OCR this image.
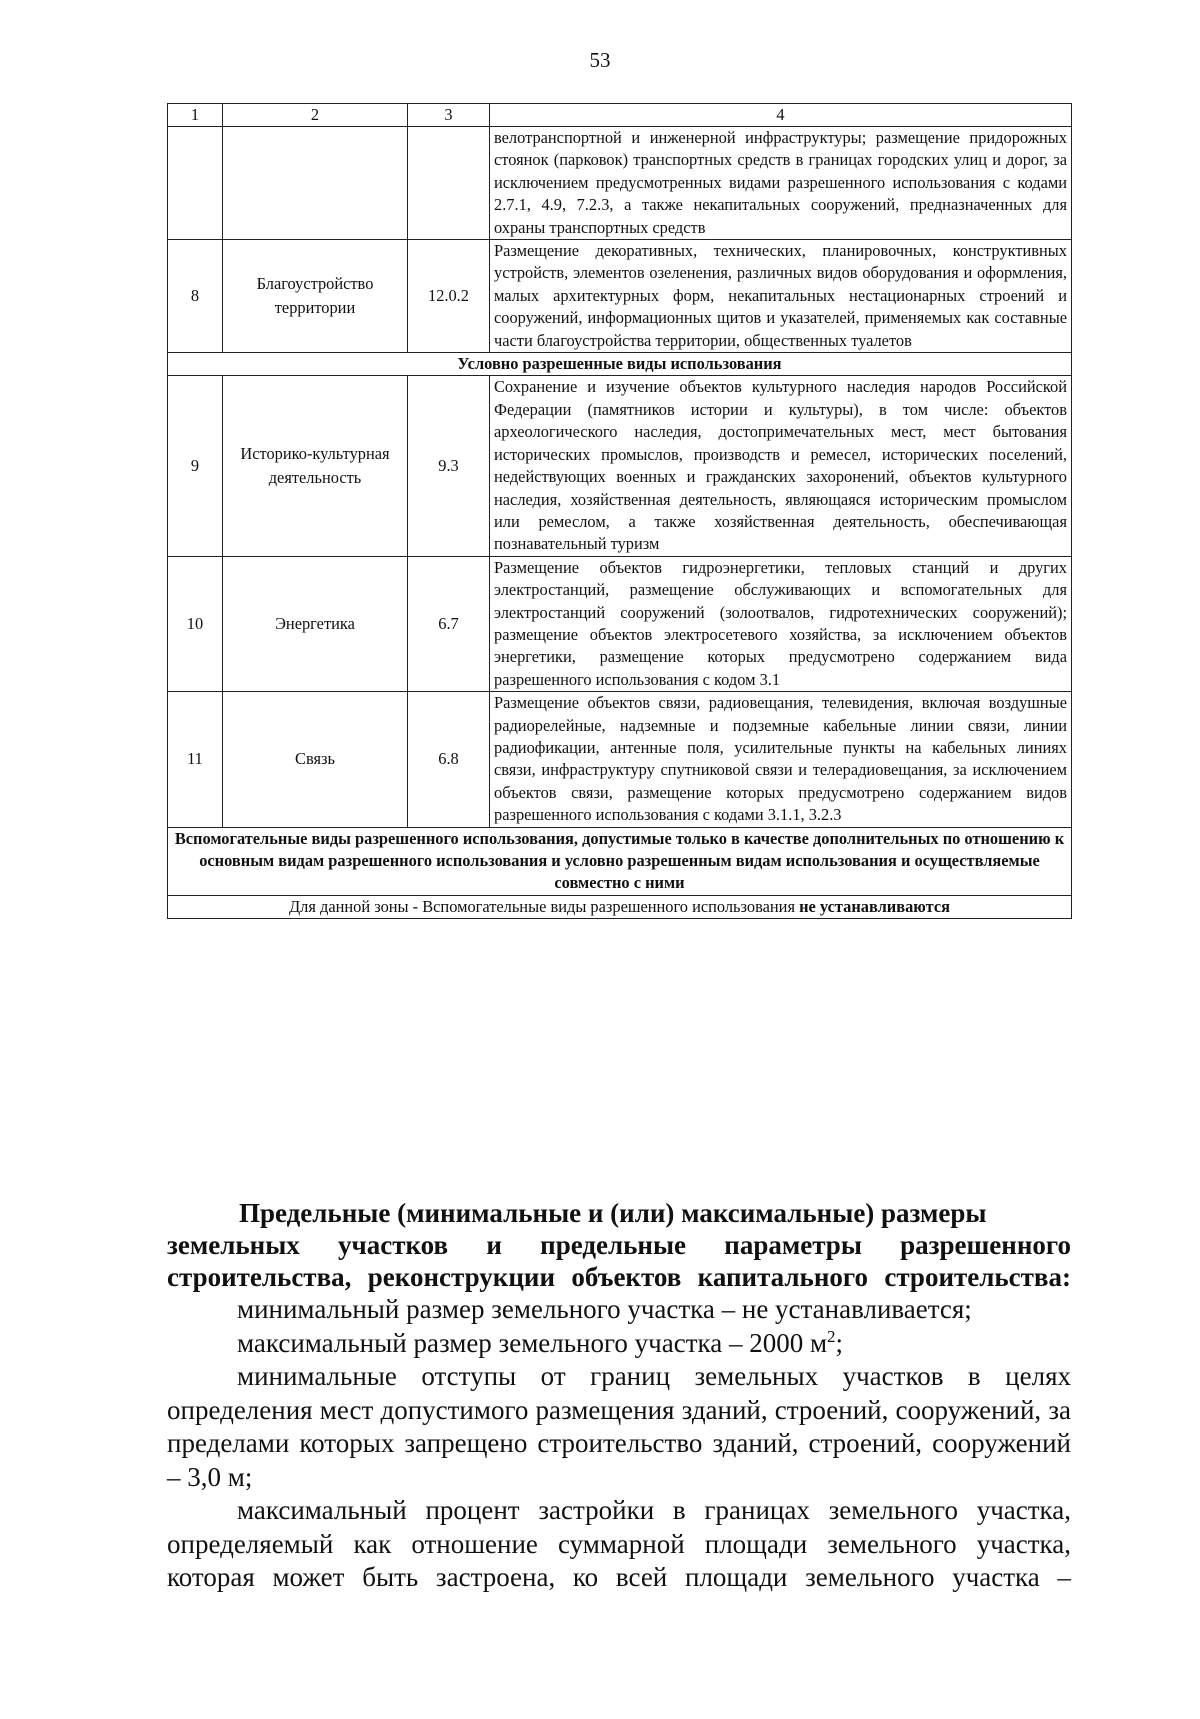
53
1	2	3	4
			велотранспортной и инженерной инфраструктуры; размещение придорожных стоянок (парковок) транспортных средств в границах городских улиц и дорог, за исключением предусмотренных видами разрешенного использования с кодами 2.7.1, 4.9, 7.2.3, а также некапитальных сооружений, предназначенных для охраны транспортных средств
8	Благоустройство территории	12.0.2	Размещение декоративных, технических, планировочных, конструктивных устройств, элементов озеленения, различных видов оборудования и оформления, малых архитектурных форм, некапитальных нестационарных строений и сооружений, информационных щитов и указателей, применяемых как составные части благоустройства территории, общественных туалетов
Условно разрешенные виды использования			
9	Историко-культурная деятельность	9.3	Сохранение и изучение объектов культурного наследия народов Российской Федерации (памятников истории и культуры), в том числе: объектов археологического наследия, достопримечательных мест, мест бытования исторических промыслов, производств и ремесел, исторических поселений, недействующих военных и гражданских захоронений, объектов культурного наследия, хозяйственная деятельность, являющаяся историческим промыслом или ремеслом, а также хозяйственная деятельность, обеспечивающая познавательный туризм
10	Энергетика	6.7	Размещение объектов гидроэнергетики, тепловых станций и других электростанций, размещение обслуживающих и вспомогательных для электростанций сооружений (золоотвалов, гидротехнических сооружений); размещение объектов электросетевого хозяйства, за исключением объектов энергетики, размещение которых предусмотрено содержанием вида разрешенного использования с кодом 3.1
11	Связь	6.8	Размещение объектов связи, радиовещания, телевидения, включая воздушные радиорелейные, надземные и подземные кабельные линии связи, линии радиофикации, антенные поля, усилительные пункты на кабельных линиях связи, инфраструктуру спутниковой связи и телерадиовещания, за исключением объектов связи, размещение которых предусмотрено содержанием видов разрешенного использования с кодами 3.1.1, 3.2.3
Вспомогательные виды разрешенного использования, допустимые только в качестве дополнительных по отношению к основным видам разрешенного использования и условно разрешенным видам использования и осуществляемые совместно с ними			
Для данной зоны - Вспомогательные виды разрешенного использования не устанавливаются			
Предельные (минимальные и (или) максимальные) размеры
земельных участков и предельные параметры разрешенного
строительства, реконструкции объектов капитального строительства:

минимальный размер земельного участка – не устанавливается;

максимальный размер земельного участка – 2000 $м^2$;

минимальные отступы от границ земельных участков в целях определения мест допустимого размещения зданий, строений, сооружений, за пределами которых запрещено строительство зданий, строений, сооружений – 3,0 м;

максимальный процент застройки в границах земельного участка, определяемый как отношение суммарной площади земельного участка, которая может быть застроена, ко всей площади земельного участка –
